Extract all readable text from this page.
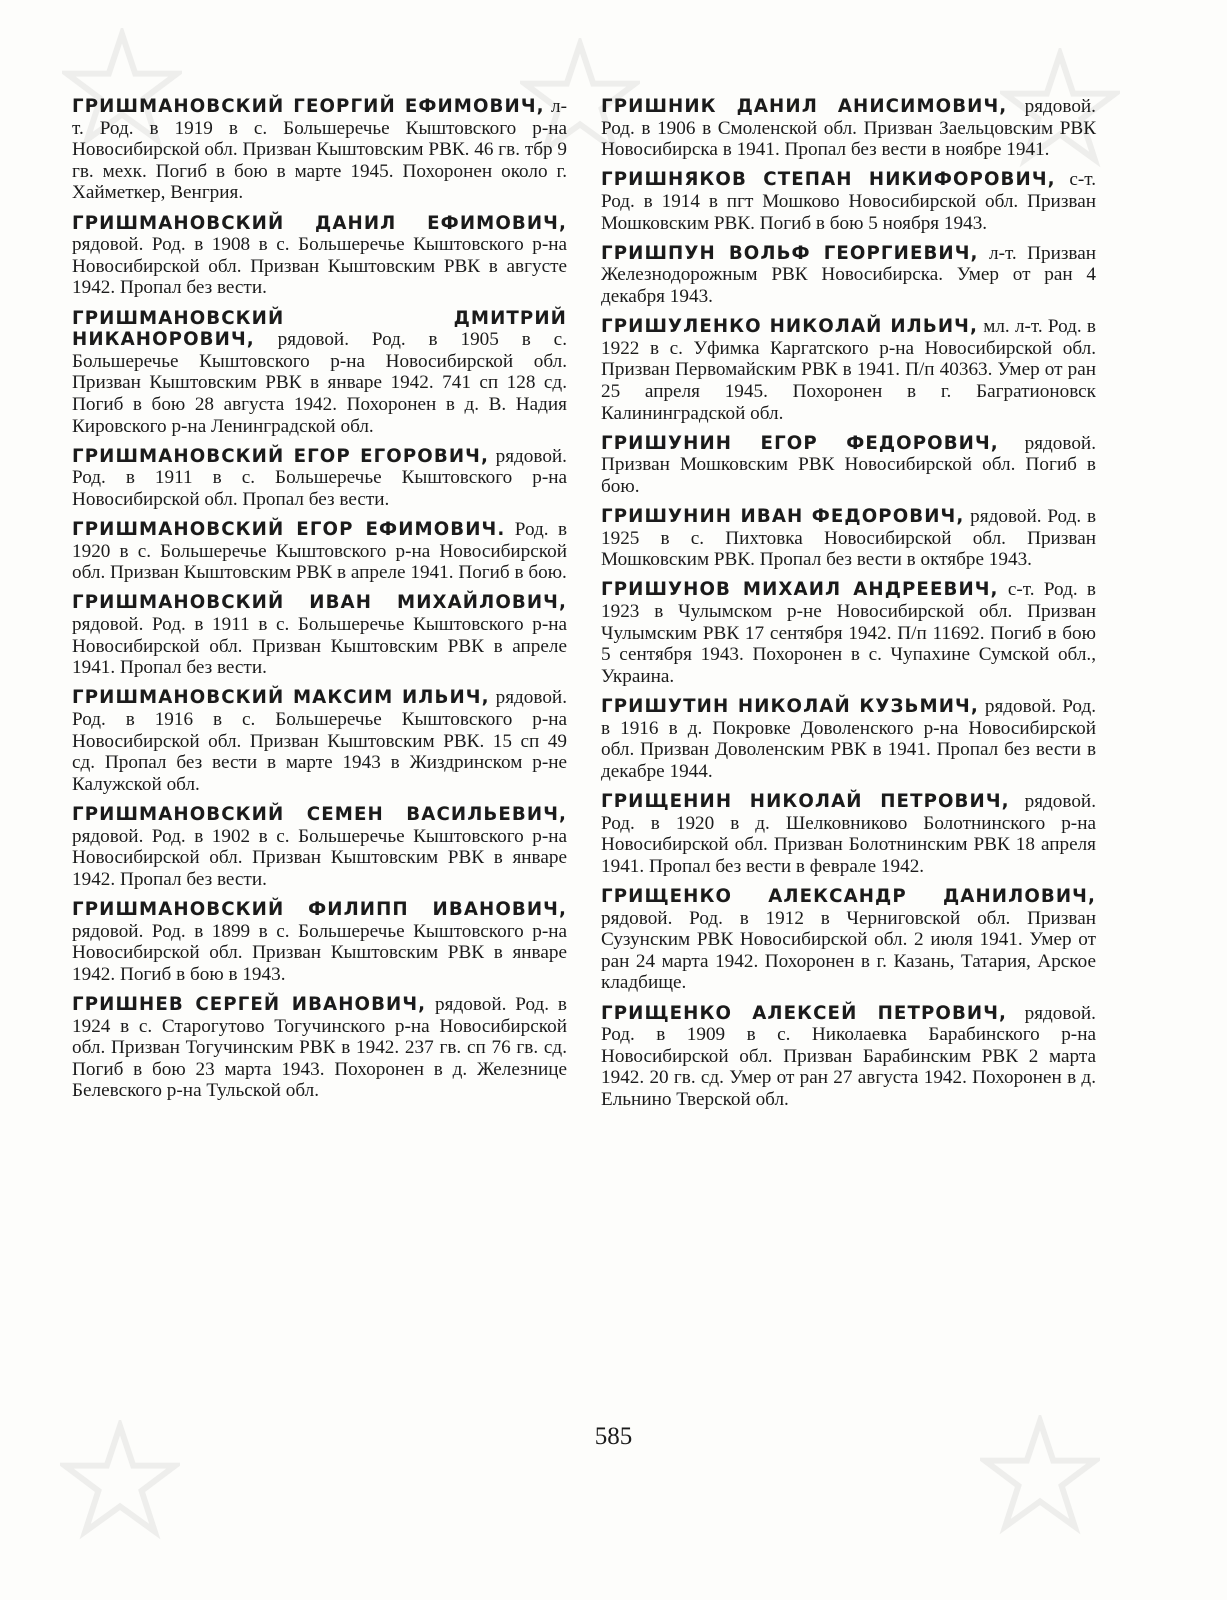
ГРИШМАНОВСКИЙ ГЕОРГИЙ ЕФИМОВИЧ, л-т. Род. в 1919 в с. Большеречье Кыштовского р-на Новосибирской обл. Призван Кыштовским РВК. 46 гв. тбр 9 гв. мехк. Погиб в бою в марте 1945. Похоронен около г. Хайметкер, Венгрия.

ГРИШМАНОВСКИЙ ДАНИЛ ЕФИМОВИЧ, рядовой. Род. в 1908 в с. Большеречье Кыштовского р-на Новосибирской обл. Призван Кыштовским РВК в августе 1942. Пропал без вести.

ГРИШМАНОВСКИЙ ДМИТРИЙ НИКАНОРОВИЧ, рядовой. Род. в 1905 в с. Большеречье Кыштовского р-на Новосибирской обл. Призван Кыштовским РВК в январе 1942. 741 сп 128 сд. Погиб в бою 28 августа 1942. Похоронен в д. В. Надия Кировского р-на Ленинградской обл.

ГРИШМАНОВСКИЙ ЕГОР ЕГОРОВИЧ, рядовой. Род. в 1911 в с. Большеречье Кыштовского р-на Новосибирской обл. Пропал без вести.

ГРИШМАНОВСКИЙ ЕГОР ЕФИМОВИЧ. Род. в 1920 в с. Большеречье Кыштовского р-на Новосибирской обл. Призван Кыштовским РВК в апреле 1941. Погиб в бою.

ГРИШМАНОВСКИЙ ИВАН МИХАЙЛОВИЧ, рядовой. Род. в 1911 в с. Большеречье Кыштовского р-на Новосибирской обл. Призван Кыштовским РВК в апреле 1941. Пропал без вести.

ГРИШМАНОВСКИЙ МАКСИМ ИЛЬИЧ, рядовой. Род. в 1916 в с. Большеречье Кыштовского р-на Новосибирской обл. Призван Кыштовским РВК. 15 сп 49 сд. Пропал без вести в марте 1943 в Жиздринском р-не Калужской обл.

ГРИШМАНОВСКИЙ СЕМЕН ВАСИЛЬЕВИЧ, рядовой. Род. в 1902 в с. Большеречье Кыштовского р-на Новосибирской обл. Призван Кыштовским РВК в январе 1942. Пропал без вести.

ГРИШМАНОВСКИЙ ФИЛИПП ИВАНОВИЧ, рядовой. Род. в 1899 в с. Большеречье Кыштовского р-на Новосибирской обл. Призван Кыштовским РВК в январе 1942. Погиб в бою в 1943.

ГРИШНЕВ СЕРГЕЙ ИВАНОВИЧ, рядовой. Род. в 1924 в с. Старогутово Тогучинского р-на Новосибирской обл. Призван Тогучинским РВК в 1942. 237 гв. сп 76 гв. сд. Погиб в бою 23 марта 1943. Похоронен в д. Железнице Белевского р-на Тульской обл.

ГРИШНИК ДАНИЛ АНИСИМОВИЧ, рядовой. Род. в 1906 в Смоленской обл. Призван Заельцовским РВК Новосибирска в 1941. Пропал без вести в ноябре 1941.

ГРИШНЯКОВ СТЕПАН НИКИФОРОВИЧ, с-т. Род. в 1914 в пгт Мошково Новосибирской обл. Призван Мошковским РВК. Погиб в бою 5 ноября 1943.

ГРИШПУН ВОЛЬФ ГЕОРГИЕВИЧ, л-т. Призван Железнодорожным РВК Новосибирска. Умер от ран 4 декабря 1943.

ГРИШУЛЕНКО НИКОЛАЙ ИЛЬИЧ, мл. л-т. Род. в 1922 в с. Уфимка Каргатского р-на Новосибирской обл. Призван Первомайским РВК в 1941. П/п 40363. Умер от ран 25 апреля 1945. Похоронен в г. Багратионовск Калининградской обл.

ГРИШУНИН ЕГОР ФЕДОРОВИЧ, рядовой. Призван Мошковским РВК Новосибирской обл. Погиб в бою.

ГРИШУНИН ИВАН ФЕДОРОВИЧ, рядовой. Род. в 1925 в с. Пихтовка Новосибирской обл. Призван Мошковским РВК. Пропал без вести в октябре 1943.

ГРИШУНОВ МИХАИЛ АНДРЕЕВИЧ, с-т. Род. в 1923 в Чулымском р-не Новосибирской обл. Призван Чулымским РВК 17 сентября 1942. П/п 11692. Погиб в бою 5 сентября 1943. Похоронен в с. Чупахине Сумской обл., Украина.

ГРИШУТИН НИКОЛАЙ КУЗЬМИЧ, рядовой. Род. в 1916 в д. Покровке Доволенского р-на Новосибирской обл. Призван Доволенским РВК в 1941. Пропал без вести в декабре 1944.

ГРИЩЕНИН НИКОЛАЙ ПЕТРОВИЧ, рядовой. Род. в 1920 в д. Шелковниково Болотнинского р-на Новосибирской обл. Призван Болотнинским РВК 18 апреля 1941. Пропал без вести в феврале 1942.

ГРИЩЕНКО АЛЕКСАНДР ДАНИЛОВИЧ, рядовой. Род. в 1912 в Черниговской обл. Призван Сузунским РВК Новосибирской обл. 2 июля 1941. Умер от ран 24 марта 1942. Похоронен в г. Казань, Татария, Арское кладбище.

ГРИЩЕНКО АЛЕКСЕЙ ПЕТРОВИЧ, рядовой. Род. в 1909 в с. Николаевка Барабинского р-на Новосибирской обл. Призван Барабинским РВК 2 марта 1942. 20 гв. сд. Умер от ран 27 августа 1942. Похоронен в д. Ельнино Тверской обл.

585
